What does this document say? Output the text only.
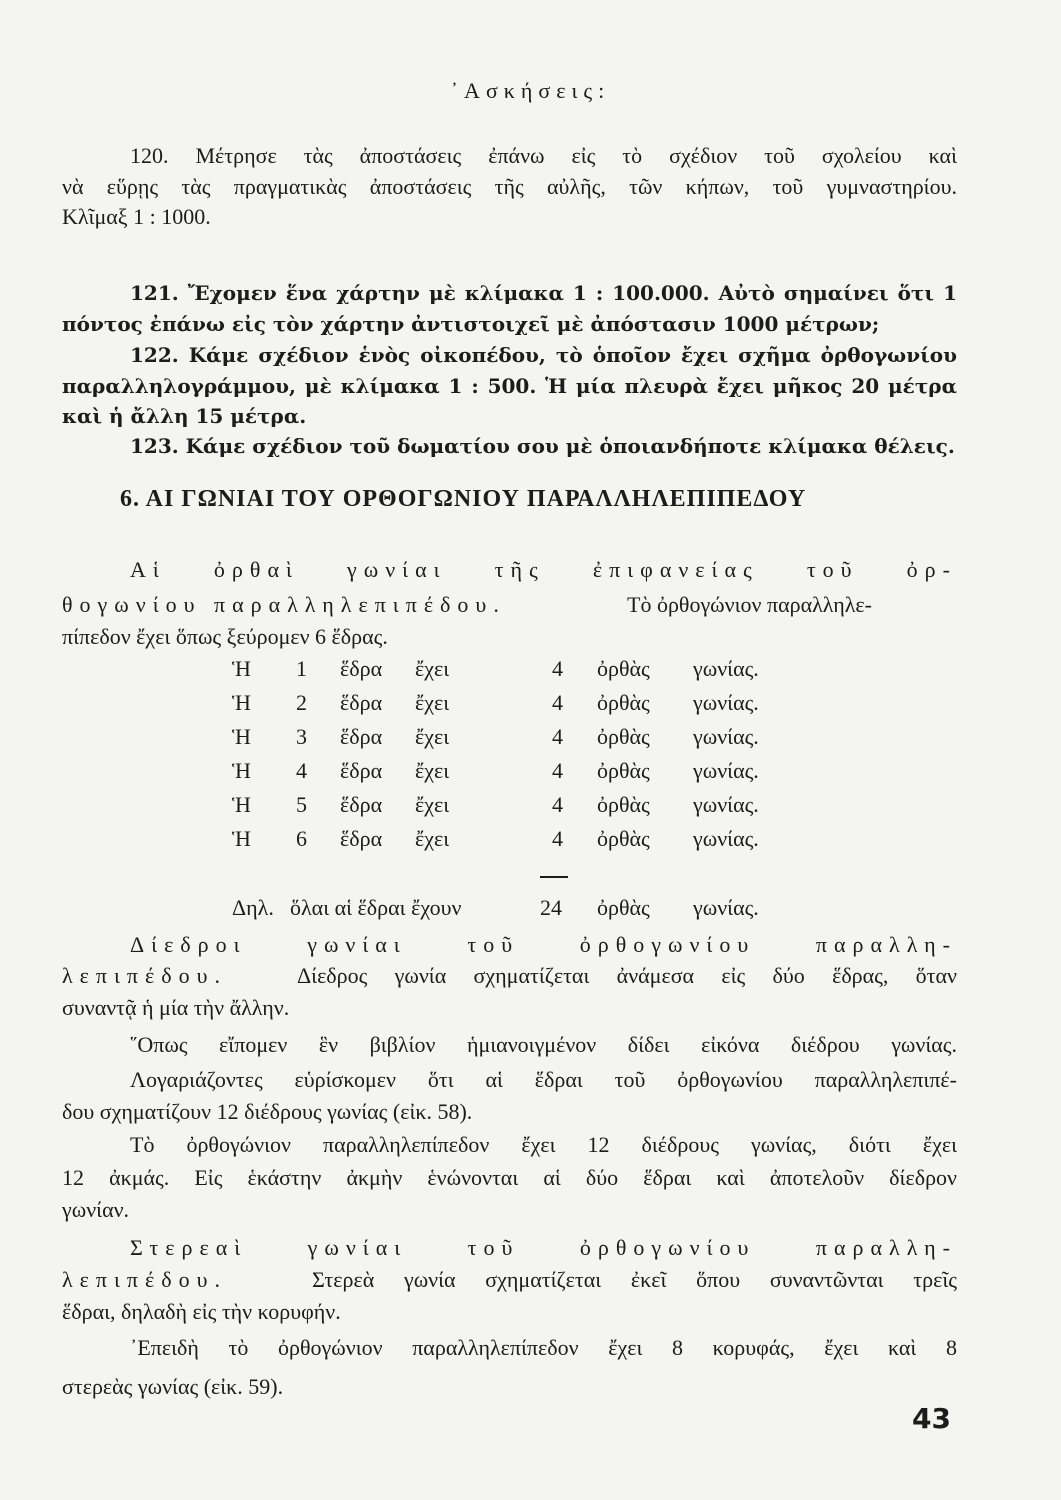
᾿Ασκήσεις:
120. Μέτρησε τὰς ἀποστάσεις ἐπάνω εἰς τὸ σχέδιον τοῦ σχολείου καὶ
νὰ εὕρῃς τὰς πραγματικὰς ἀποστάσεις τῆς αὐλῆς, τῶν κήπων, τοῦ γυμναστηρίου.
Κλῖμαξ 1 : 1000.
121. Ἔχομεν ἕνα χάρτην μὲ κλίμακα 1 : 100.000. Αὐτὸ σημαίνει ὅτι 1
πόντος ἐπάνω εἰς τὸν χάρτην ἀντιστοιχεῖ μὲ ἀπόστασιν 1000 μέτρων;
122. Κάμε σχέδιον ἑνὸς οἰκοπέδου, τὸ ὁποῖον ἔχει σχῆμα ὀρθογωνίου
παραλληλογράμμου, μὲ κλίμακα 1 : 500. Ἡ μία πλευρὰ ἔχει μῆκος 20 μέτρα
καὶ ἡ ἄλλη 15 μέτρα.
123. Κάμε σχέδιον τοῦ δωματίου σου μὲ ὁποιανδήποτε κλίμακα θέλεις.
6. ΑΙ ΓΩΝΙΑΙ ΤΟΥ ΟΡΘΟΓΩΝΙΟΥ ΠΑΡΑΛΛΗΛΕΠΙΠΕΔΟΥ
Αἱ ὀρθαὶ γωνίαι τῆς ἐπιφανείας τοῦ ὀρ-
θογωνίου παραλληλεπιπέδου.	Τὸ ὀρθογώνιον παραλληλε-
πίπεδον ἔχει ὅπως ξεύρομεν 6 ἕδρας.
Ἡ 1 ἕδρα ἔχει	4 ὀρθὰς γωνίας.
Ἡ 2 ἕδρα ἔχει	4 ὀρθὰς γωνίας.
Ἡ 3 ἕδρα ἔχει	4 ὀρθὰς γωνίας.
Ἡ 4 ἕδρα ἔχει	4 ὀρθὰς γωνίας.
Ἡ 5 ἕδρα ἔχει	4 ὀρθὰς γωνίας.
Ἡ 6 ἕδρα ἔχει	4 ὀρθὰς γωνίας.
Δηλ. ὅλαι αἱ ἕδραι ἔχουν	24 ὀρθὰς γωνίας.
Δίεδροι γωνίαι τοῦ ὀρθογωνίου παραλλη-
λεπιπέδου.	Δίεδρος γωνία σχηματίζεται ἀνάμεσα εἰς δύο ἕδρας, ὅταν
συναντᾷ ἡ μία τὴν ἄλλην.
῞Οπως εἴπομεν ἓν βιβλίον ἡμιανοιγμένον δίδει εἰκόνα διέδρου γωνίας.
Λογαριάζοντες εὑρίσκομεν ὅτι αἱ ἕδραι τοῦ ὀρθογωνίου παραλληλεπιπέ-
δου σχηματίζουν 12 διέδρους γωνίας (εἰκ. 58).
Τὸ ὀρθογώνιον παραλληλεπίπεδον ἔχει 12 διέδρους γωνίας, διότι ἔχει
12 ἀκμάς. Εἰς ἑκάστην ἀκμὴν ἑνώνονται αἱ δύο ἕδραι καὶ ἀποτελοῦν δίεδρον
γωνίαν.
Στερεαὶ γωνίαι τοῦ ὀρθογωνίου παραλλη-
λεπιπέδου.	Στερεὰ γωνία σχηματίζεται ἐκεῖ ὅπου συναντῶνται τρεῖς
ἕδραι, δηλαδὴ εἰς τὴν κορυφήν.
᾿Επειδὴ τὸ ὀρθογώνιον παραλληλεπίπεδον ἔχει 8 κορυφάς, ἔχει καὶ 8
στερεὰς γωνίας (εἰκ. 59).
43
